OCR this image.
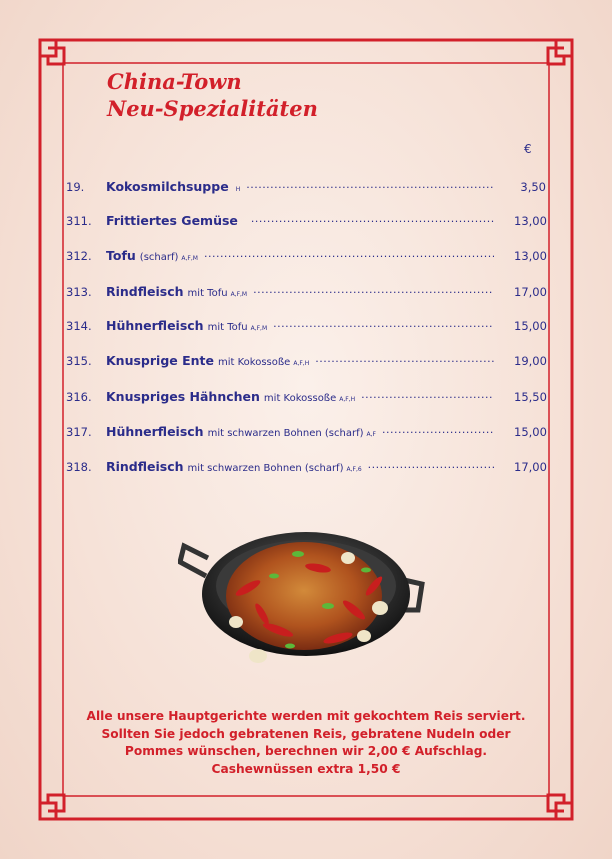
China-Town
Neu-Spezialitäten
€
19.	Kokosmilchsuppe H .....	3,50
311.	Frittiertes Gemüse .....	13,00
312.	Tofu (scharf) A,F,M .....	13,00
313.	Rindfleisch mit Tofu A,F,M .....	17,00
314.	Hühnerfleisch mit Tofu A,F,M .....	15,00
315.	Knusprige Ente mit Kokossoße A,F,H .....	19,00
316.	Knuspriges Hähnchen mit Kokossoße A,F,H .....	15,50
317.	Hühnerfleisch mit schwarzen Bohnen (scharf) A,F .....	15,00
318.	Rindfleisch mit schwarzen Bohnen (scharf) A,F,6 .....	17,00
Alle unsere Hauptgerichte werden mit gekochtem Reis serviert.
Sollten Sie jedoch gebratenen Reis, gebratene Nudeln oder
Pommes wünschen, berechnen wir 2,00 € Aufschlag.
Cashewnüssen extra 1,50 €
